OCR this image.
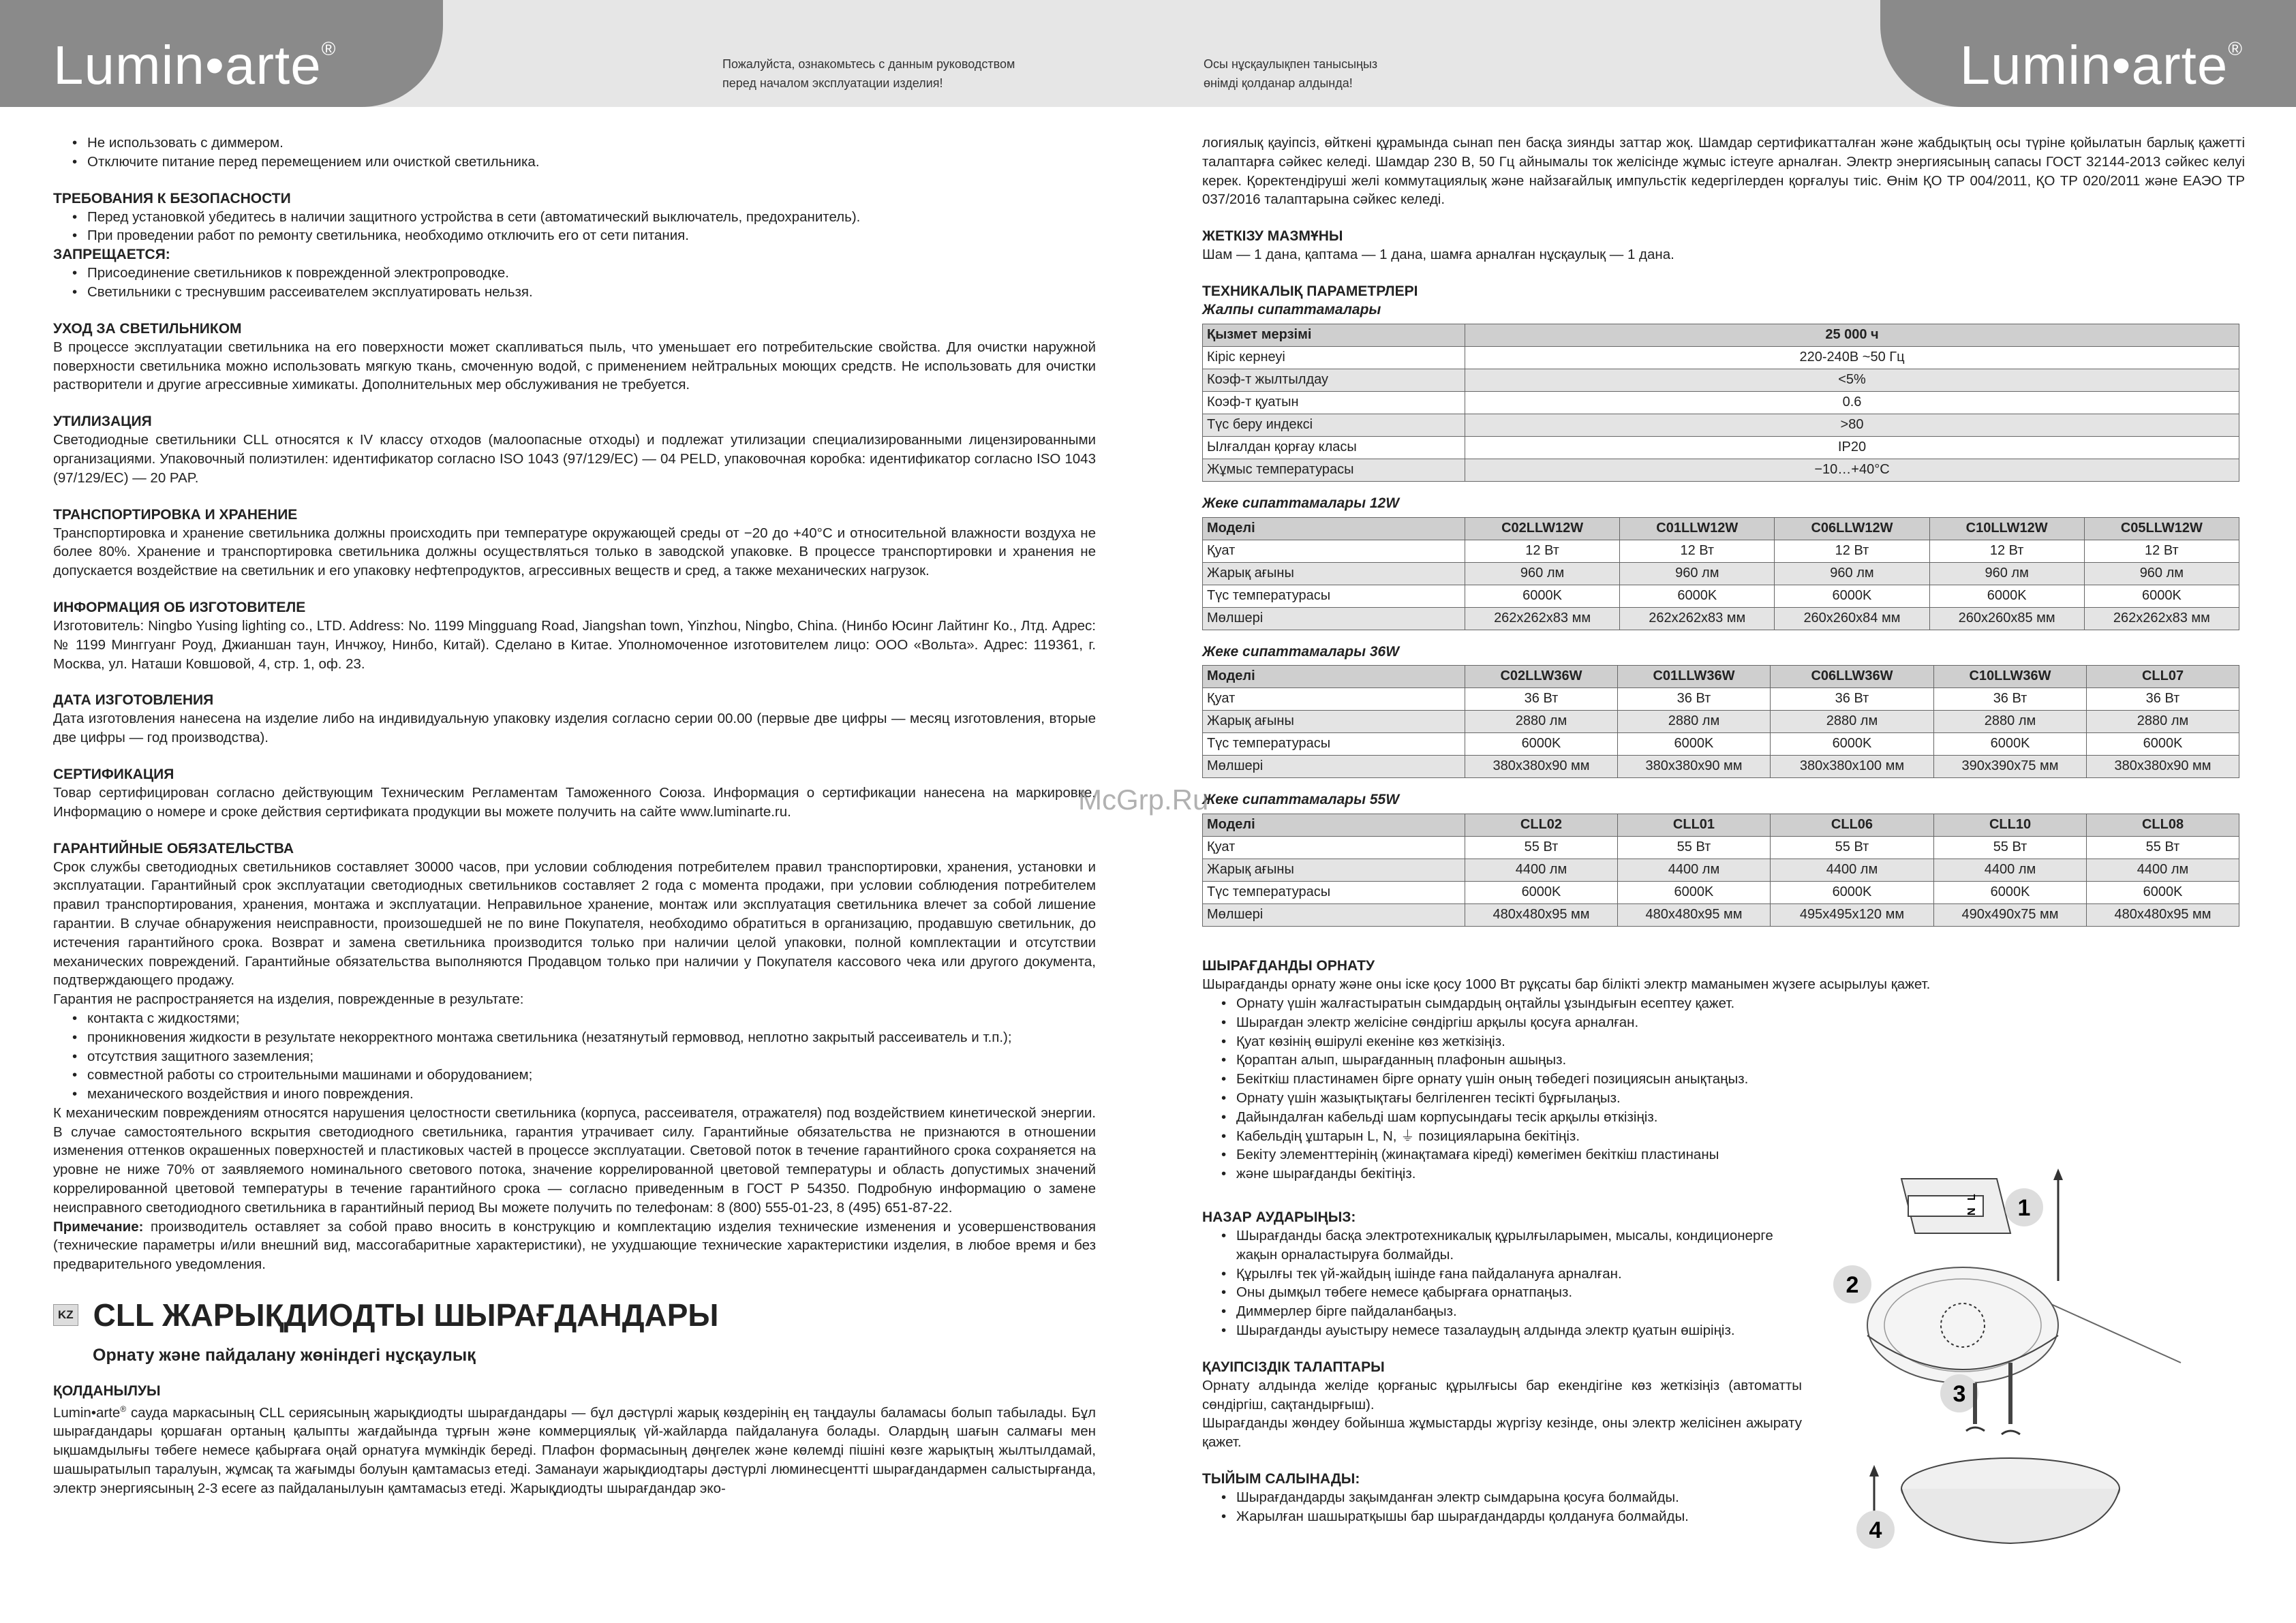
Lumin•arte®
Пожалуйста, ознакомьтесь с данным руководством
перед началом эксплуатации изделия!
Осы нұсқаулықпен танысыңыз
өнімді қолданар алдында!	Lumin•arte®
• Не использовать с диммером.
• Отключите питание перед перемещением или очисткой светильника.
ТРЕБОВАНИЯ К БЕЗОПАСНОСТИ
• Перед установкой убедитесь в наличии защитного устройства в сети (автоматический выключатель, предохранитель).
• При проведении работ по ремонту светильника, необходимо отключить его от сети питания.
ЗАПРЕЩАЕТСЯ:
• Присоединение светильников к поврежденной электропроводке.
• Светильники с треснувшим рассеивателем эксплуатировать нельзя.
УХОД ЗА СВЕТИЛЬНИКОМ

В процессе эксплуатации светильника на его поверхности может скапливаться пыль, что уменьшает его потребительские свойства. Для очистки наружной поверхности светильника можно использовать мягкую ткань, смоченную водой, с применением нейтральных моющих средств. Не использовать для очистки растворители и другие агрессивные химикаты. Дополнительных мер обслуживания не требуется.

УТИЛИЗАЦИЯ

Светодиодные светильники CLL относятся к IV классу отходов (малоопасные отходы) и подлежат утилизации специализированными лицензированными организациями. Упаковочный полиэтилен: идентификатор согласно ISO 1043 (97/129/ЕС) — 04 PELD, упаковочная коробка: идентификатор согласно ISO 1043 (97/129/ЕС) — 20 PAP.

ТРАНСПОРТИРОВКА И ХРАНЕНИЕ

Транспортировка и хранение светильника должны происходить при температуре окружающей среды от −20 до +40°С и относительной влажности воздуха не более 80%. Хранение и транспортировка светильника должны осуществляться только в заводской упаковке. В процессе транспортировки и хранения не допускается воздействие на светильник и его упаковку нефтепродуктов, агрессивных веществ и сред, а также механических нагрузок.

ИНФОРМАЦИЯ ОБ ИЗГОТОВИТЕЛЕ

Изготовитель: Ningbo Yusing lighting co., LTD. Address: No. 1199 Mingguang Road, Jiangshan town, Yinzhou, Ningbo, China. (Нинбо Юсинг Лайтинг Ко., Лтд. Адрес: № 1199 Минггуанг Роуд, Джианшан таун, Инчжоу, Нинбо, Китай). Сделано в Китае. Уполномоченное изготовителем лицо: ООО «Вольта». Адрес: 119361, г. Москва, ул. Наташи Ковшовой, 4, стр. 1, оф. 23.

ДАТА ИЗГОТОВЛЕНИЯ

Дата изготовления нанесена на изделие либо на индивидуальную упаковку изделия согласно серии 00.00 (первые две цифры — месяц изготовления, вторые две цифры — год производства).

СЕРТИФИКАЦИЯ

Товар сертифицирован согласно действующим Техническим Регламентам Таможенного Союза. Информация о сертификации нанесена на маркировке. Информацию о номере и сроке действия сертификата продукции вы можете получить на сайте www.luminarte.ru.

ГАРАНТИЙНЫЕ ОБЯЗАТЕЛЬСТВА

Срок службы светодиодных светильников составляет 30000 часов, при условии соблюдения потребителем правил транспортировки, хранения, установки и эксплуатации. Гарантийный срок эксплуатации светодиодных светильников составляет 2 года с момента продажи, при условии соблюдения потребителем правил транспортирования, хранения, монтажа и эксплуатации. Неправильное хранение, монтаж или эксплуатация светильника влечет за собой лишение гарантии. В случае обнаружения неисправности, произошедшей не по вине Покупателя, необходимо обратиться в организацию, продавшую светильник, до истечения гарантийного срока. Возврат и замена светильника производится только при наличии целой упаковки, полной комплектации и отсутствии механических повреждений. Гарантийные обязательства выполняются Продавцом только при наличии у Покупателя кассового чека или другого документа, подтверждающего продажу.

Гарантия не распространяется на изделия, поврежденные в результате:

• контакта с жидкостями;
• проникновения жидкости в результате некорректного монтажа светильника (незатянутый гермоввод, неплотно закрытый рассеиватель и т.п.);
• отсутствия защитного заземления;
• совместной работы со строительными машинами и оборудованием;
• механического воздействия и иного повреждения.

К механическим повреждениям относятся нарушения целостности светильника (корпуса, рассеивателя, отражателя) под воздействием кинетической энергии. В случае самостоятельного вскрытия светодиодного светильника, гарантия утрачивает силу. Гарантийные обязательства не признаются в отношении изменения оттенков окрашенных поверхностей и пластиковых частей в процессе эксплуатации. Световой поток в течение гарантийного срока сохраняется на уровне не ниже 70% от заявляемого номинального светового потока, значение коррелированной цветовой температуры и область допустимых значений коррелированной цветовой температуры в течение гарантийного срока — согласно приведенным в ГОСТ Р 54350. Подробную информацию о замене неисправного светодиодного светильника в гарантийный период Вы можете получить по телефонам: 8 (800) 555-01-23, 8 (495) 651-87-22.

Примечание: производитель оставляет за собой право вносить в конструкцию и комплектацию изделия технические изменения и усовершенствования (технические параметры и/или внешний вид, массогабаритные характеристики), не ухудшающие технические характеристики изделия, в любое время и без предварительного уведомления.

KZ CLL ЖАРЫҚДИОДТЫ ШЫРАҒДАНДАРЫ
Орнату және пайдалану жөніндегі нұсқаулық
ҚОЛДАНЫЛУЫ

Lumin•arte® сауда маркасының CLL сериясының жарықдиодты шырағдандары — бұл дәстүрлі жарық көздерінің ең таңдаулы баламасы болып табылады. Бұл шырағдандары қоршаған ортаның қалыпты жағдайында тұрғын және коммерциялық үй-жайларда пайдалануға болады. Олардың шағын салмағы мен ықшамдылығы төбеге немесе қабырғаға оңай орнатуға мүмкіндік береді. Плафон формасының дөңгелек және көлемді пішіні көзге жарықтың жылтылдамай, шашыратылып таралуын, жұмсақ та жағымды болуын қамтамасыз етеді. Заманауи жарықдиодтары дәстүрлі люминесцентті шырағдандармен салыстырғанда, электр энергиясының 2-3 есеге аз пайдаланылуын қамтамасыз етеді. Жарықдиодты шырағдандар эко-

логиялық қауіпсіз, өйткені құрамында сынап пен басқа зиянды заттар жоқ. Шамдар сертификатталған және жабдықтың осы түріне қойылатын барлық қажетті талаптарға сәйкес келеді. Шамдар 230 В, 50 Гц айнымалы ток желісінде жұмыс істеуге арналған. Электр энергиясының сапасы ГОСТ 32144-2013 сәйкес келуі керек. Қоректендіруші желі коммутациялық және найзағайлық импульстік кедергілерден қорғалуы тиіс. Өнім ҚО ТР 004/2011, ҚО ТР 020/2011 және ЕАЭО ТР 037/2016 талаптарына сәйкес келеді.

ЖЕТКІЗУ МАЗМҰНЫ

Шам — 1 дана, қаптама — 1 дана, шамға арналған нұсқаулық — 1 дана.

ТЕХНИКАЛЫҚ ПАРАМЕТРЛЕРІ
Жалпы сипаттамалары
Қызмет мерзімі	25 000 ч
Кіріс кернеуі	220-240В ~50 Гц
Коэф-т жылтылдау	<5%
Коэф-т қуатын	0.6
Түс беру индексі	>80
Ылғалдан қорғау класы	IP20
Жұмыс температурасы	−10…+40°С
Жеке сипаттамалары 12W
Моделі	C02LLW12W	C01LLW12W	C06LLW12W	C10LLW12W	C05LLW12W
Қуат	12 Вт	12 Вт	12 Вт	12 Вт	12 Вт
Жарық ағыны	960 лм	960 лм	960 лм	960 лм	960 лм
Түс температурасы	6000K	6000K	6000K	6000K	6000K
Мөлшері	262x262x83 мм	262x262x83 мм	260x260x84 мм	260x260x85 мм	262x262x83 мм
Жеке сипаттамалары 36W
Моделі	C02LLW36W	C01LLW36W	C06LLW36W	C10LLW36W	CLL07
Қуат	36 Вт	36 Вт	36 Вт	36 Вт	36 Вт
Жарық ағыны	2880 лм	2880 лм	2880 лм	2880 лм	2880 лм
Түс температурасы	6000K	6000K	6000K	6000K	6000K
Мөлшері	380x380x90 мм	380x380x90 мм	380x380x100 мм	390x390x75 мм	380x380x90 мм
Жеке сипаттамалары 55W
Моделі	CLL02	CLL01	CLL06	CLL10	CLL08
Қуат	55 Вт	55 Вт	55 Вт	55 Вт	55 Вт
Жарық ағыны	4400 лм	4400 лм	4400 лм	4400 лм	4400 лм
Түс температурасы	6000K	6000K	6000K	6000K	6000K
Мөлшері	480x480x95 мм	480x480x95 мм	495x495x120 мм	490x490x75 мм	480x480x95 мм
ШЫРАҒДАНДЫ ОРНАТУ

Шырағданды орнату және оны іске қосу 1000 Вт рұқсаты бар білікті электр маманымен жүзеге асырылуы қажет.

• Орнату үшін жалғастыратын сымдардың оңтайлы ұзындығын есептеу қажет.
• Шырағдан электр желісіне сөндіргіш арқылы қосуға арналған.
• Қуат көзінің өшірулі екеніне көз жеткізіңіз.
• Қораптан алып, шырағданның плафонын ашыңыз.
• Бекіткіш пластинамен бірге орнату үшін оның төбедегі позициясын анықтаңыз.
• Орнату үшін жазықтықтағы белгіленген тесікті бұрғылаңыз.
• Дайындалған кабельді шам корпусындағы тесік арқылы өткізіңіз.
• Кабельдің ұштарын L, N, ⏚ позицияларына бекітіңіз.
• Бекіту элементтерінің (жинақтамаға кіреді) көмегімен бекіткіш пластинаны
• және шырағданды бекітіңіз.
НАЗАР АУДАРЫҢЫЗ:
• Шырағданды басқа электротехникалық құрылғыларымен, мысалы, кондиционерге жақын орналастыруға болмайды.
• Құрылғы тек үй-жайдың ішінде ғана пайдалануға арналған.
• Оны дымқыл төбеге немесе қабырғаға орнатпаңыз.
• Диммерлер бірге пайдаланбаңыз.
• Шырағданды ауыстыру немесе тазалаудың алдында электр қуатын өшіріңіз.
ҚАУІПСІЗДІК ТАЛАПТАРЫ

Орнату алдында желіде қорғаныс құрылғысы бар екендігіне көз жеткізіңіз (автоматты сөндіргіш, сақтандырғыш).

Шырағданды жөндеу бойынша жұмыстарды жүргізу кезінде, оны электр желісінен ажырату қажет.

ТЫЙЫМ САЛЫНАДЫ:
• Шырағдандарды зақымданған электр сымдарына қосуға болмайды.
• Жарылған шашыратқышы бар шырағдандарды қолдануға болмайды.
McGrp.Ru
L
N 1
2
3
4
